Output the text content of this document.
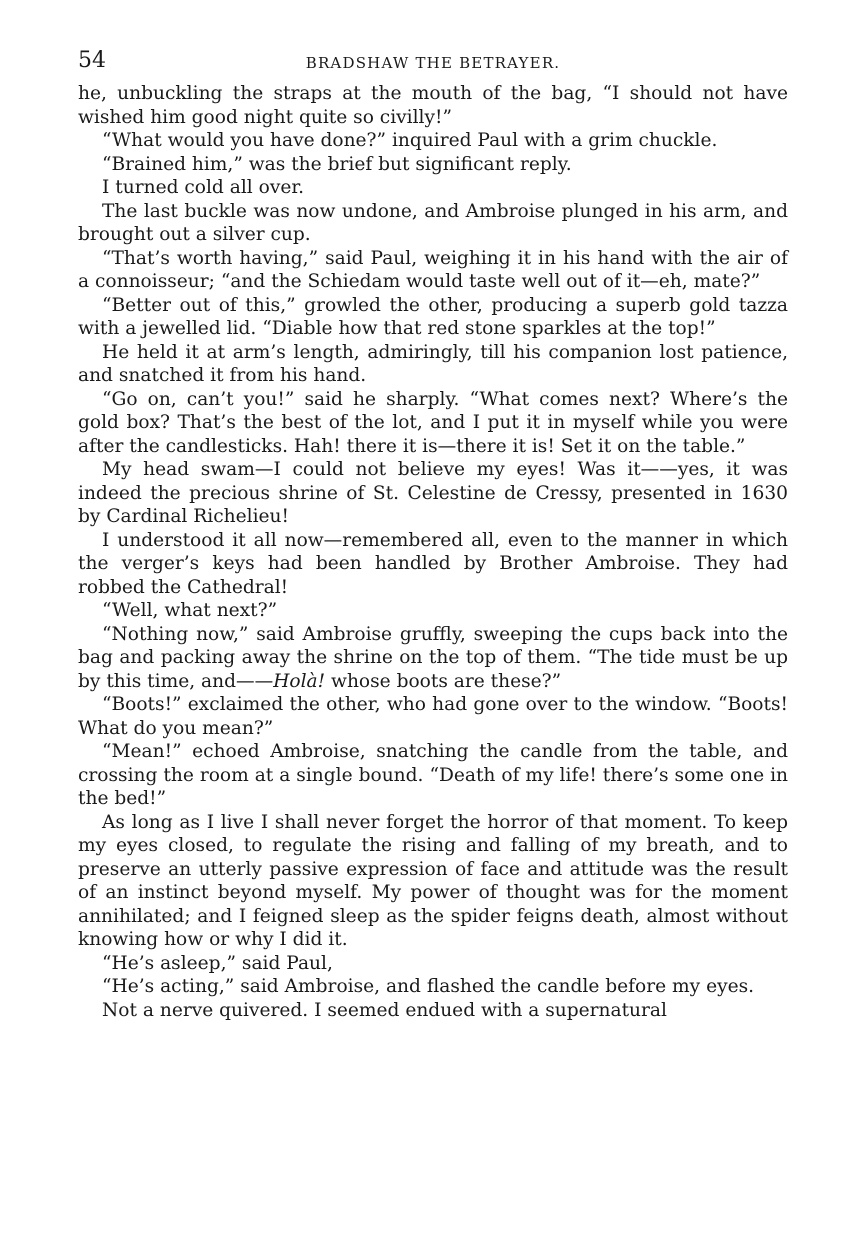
54	BRADSHAW THE BETRAYER.

he, unbuckling the straps at the mouth of the bag, “I should not have wished him good night quite so civilly!”

“What would you have done?” inquired Paul with a grim chuckle.

“Brained him,” was the brief but significant reply.

I turned cold all over.

The last buckle was now undone, and Ambroise plunged in his arm, and brought out a silver cup.

“That’s worth having,” said Paul, weighing it in his hand with the air of a connoisseur; “and the Schiedam would taste well out of it—eh, mate?”

“Better out of this,” growled the other, producing a superb gold tazza with a jewelled lid. “Diable how that red stone sparkles at the top!”

He held it at arm’s length, admiringly, till his companion lost patience, and snatched it from his hand.

“Go on, can’t you!” said he sharply. “What comes next? Where’s the gold box? That’s the best of the lot, and I put it in myself while you were after the candlesticks. Hah! there it is—there it is! Set it on the table.”

My head swam—I could not believe my eyes! Was it——yes, it was indeed the precious shrine of St. Celestine de Cressy, presented in 1630 by Cardinal Richelieu!

I understood it all now—remembered all, even to the manner in which the verger’s keys had been handled by Brother Ambroise. They had robbed the Cathedral!

“Well, what next?”

“Nothing now,” said Ambroise gruffly, sweeping the cups back into the bag and packing away the shrine on the top of them. “The tide must be up by this time, and——Holà! whose boots are these?”

“Boots!” exclaimed the other, who had gone over to the window. “Boots! What do you mean?”

“Mean!” echoed Ambroise, snatching the candle from the table, and crossing the room at a single bound. “Death of my life! there’s some one in the bed!”

As long as I live I shall never forget the horror of that moment. To keep my eyes closed, to regulate the rising and falling of my breath, and to preserve an utterly passive expression of face and attitude was the result of an instinct beyond myself. My power of thought was for the moment annihilated; and I feigned sleep as the spider feigns death, almost without knowing how or why I did it.

“He’s asleep,” said Paul,

“He’s acting,” said Ambroise, and flashed the candle before my eyes.

Not a nerve quivered. I seemed endued with a supernatural
